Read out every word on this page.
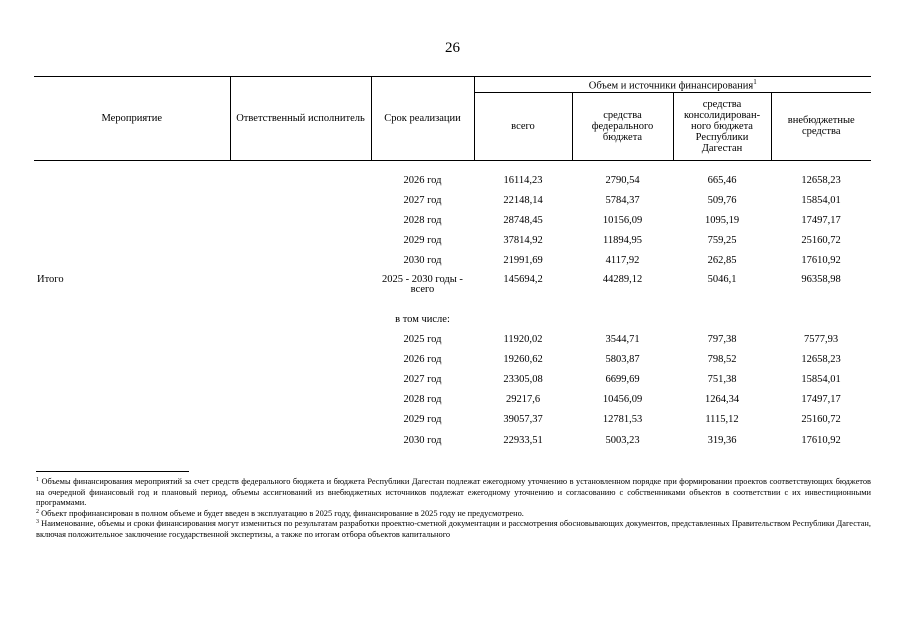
26
Мероприятие	Ответственный исполнитель	Срок реализации	Объем и источники финансирования$^1$
			всего	средства федерального бюджета	средства консолидирован-ного бюджета Республики Дагестан	внебюджетные средства

		2026 год	16114,23	2790,54	665,46	12658,23
		2027 год	22148,14	5784,37	509,76	15854,01
		2028 год	28748,45	10156,09	1095,19	17497,17
		2029 год	37814,92	11894,95	759,25	25160,72
		2030 год	21991,69	4117,92	262,85	17610,92
Итого		2025 - 2030 годы - всего	145694,2	44289,12	5046,1	96358,98
		в том числе:				
		2025 год	11920,02	3544,71	797,38	7577,93
		2026 год	19260,62	5803,87	798,52	12658,23
		2027 год	23305,08	6699,69	751,38	15854,01
		2028 год	29217,6	10456,09	1264,34	17497,17
		2029 год	39057,37	12781,53	1115,12	25160,72
		2030 год	22933,51	5003,23	319,36	17610,92

$^1$ Объемы финансирования мероприятий за счет средств федерального бюджета и бюджета Республики Дагестан подлежат ежегодному уточнению в установленном порядке при формировании проектов соответствующих бюджетов на очередной финансовый год и плановый период, объемы ассигнований из внебюджетных источников подлежат ежегодному уточнению и согласованию с собственниками объектов в соответствии с их инвестиционными программами.

$^2$ Объект профинансирован в полном объеме и будет введен в эксплуатацию в 2025 году, финансирование в 2025 году не предусмотрено.

$^3$ Наименование, объемы и сроки финансирования могут измениться по результатам разработки проектно-сметной документации и рассмотрения обосновывающих документов, представленных Правительством Республики Дагестан, включая положительное заключение государственной экспертизы, а также по итогам отбора объектов капитального
